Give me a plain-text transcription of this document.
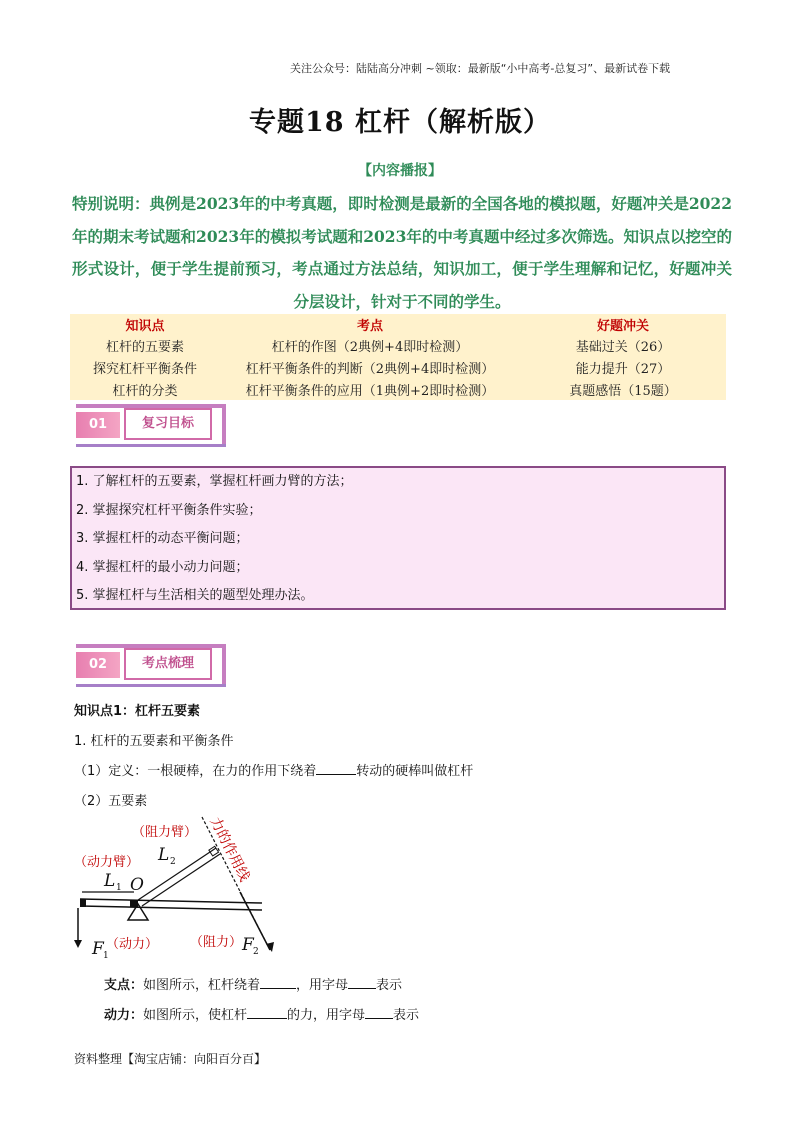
关注公众号：陆陆高分冲刺 ~领取：最新版“小中高考-总复习”、最新试卷下载
专题18 杠杆（解析版）
【内容播报】
特别说明：典例是2023年的中考真题，即时检测是最新的全国各地的模拟题，好题冲关是2022年的期末考试题和2023年的模拟考试题和2023年的中考真题中经过多次筛选。知识点以挖空的形式设计，便于学生提前预习，考点通过方法总结，知识加工，便于学生理解和记忆，好题冲关分层设计，针对于不同的学生。
知识点	考点	好题冲关
杠杆的五要素	杠杆的作图（2典例+4即时检测）	基础过关（26）
探究杠杆平衡条件	杠杆平衡条件的判断（2典例+4即时检测）	能力提升（27）
杠杆的分类	杠杆平衡条件的应用（1典例+2即时检测）	真题感悟（15题）
01	复习目标
1. 了解杠杆的五要素，掌握杠杆画力臂的方法；
2. 掌握探究杠杆平衡条件实验；
3. 掌握杠杆的动态平衡问题；
4. 掌握杠杆的最小动力问题；
5. 掌握杠杆与生活相关的题型处理办法。
02	考点梳理
知识点1：杠杆五要素
1. 杠杆的五要素和平衡条件
（1）定义：一根硬棒，在力的作用下绕着	转动的硬棒叫做杠杆
（2）五要素
（阻力臂）
（动力臂）	力的作用线
L 2
L 1 O
F 1
（动力） （阻力） F 2
支点：如图所示，杠杆绕着	，用字母 表示
动力：如图所示，使杠杆	的力，用字母 表示
资料整理【淘宝店铺：向阳百分百】
